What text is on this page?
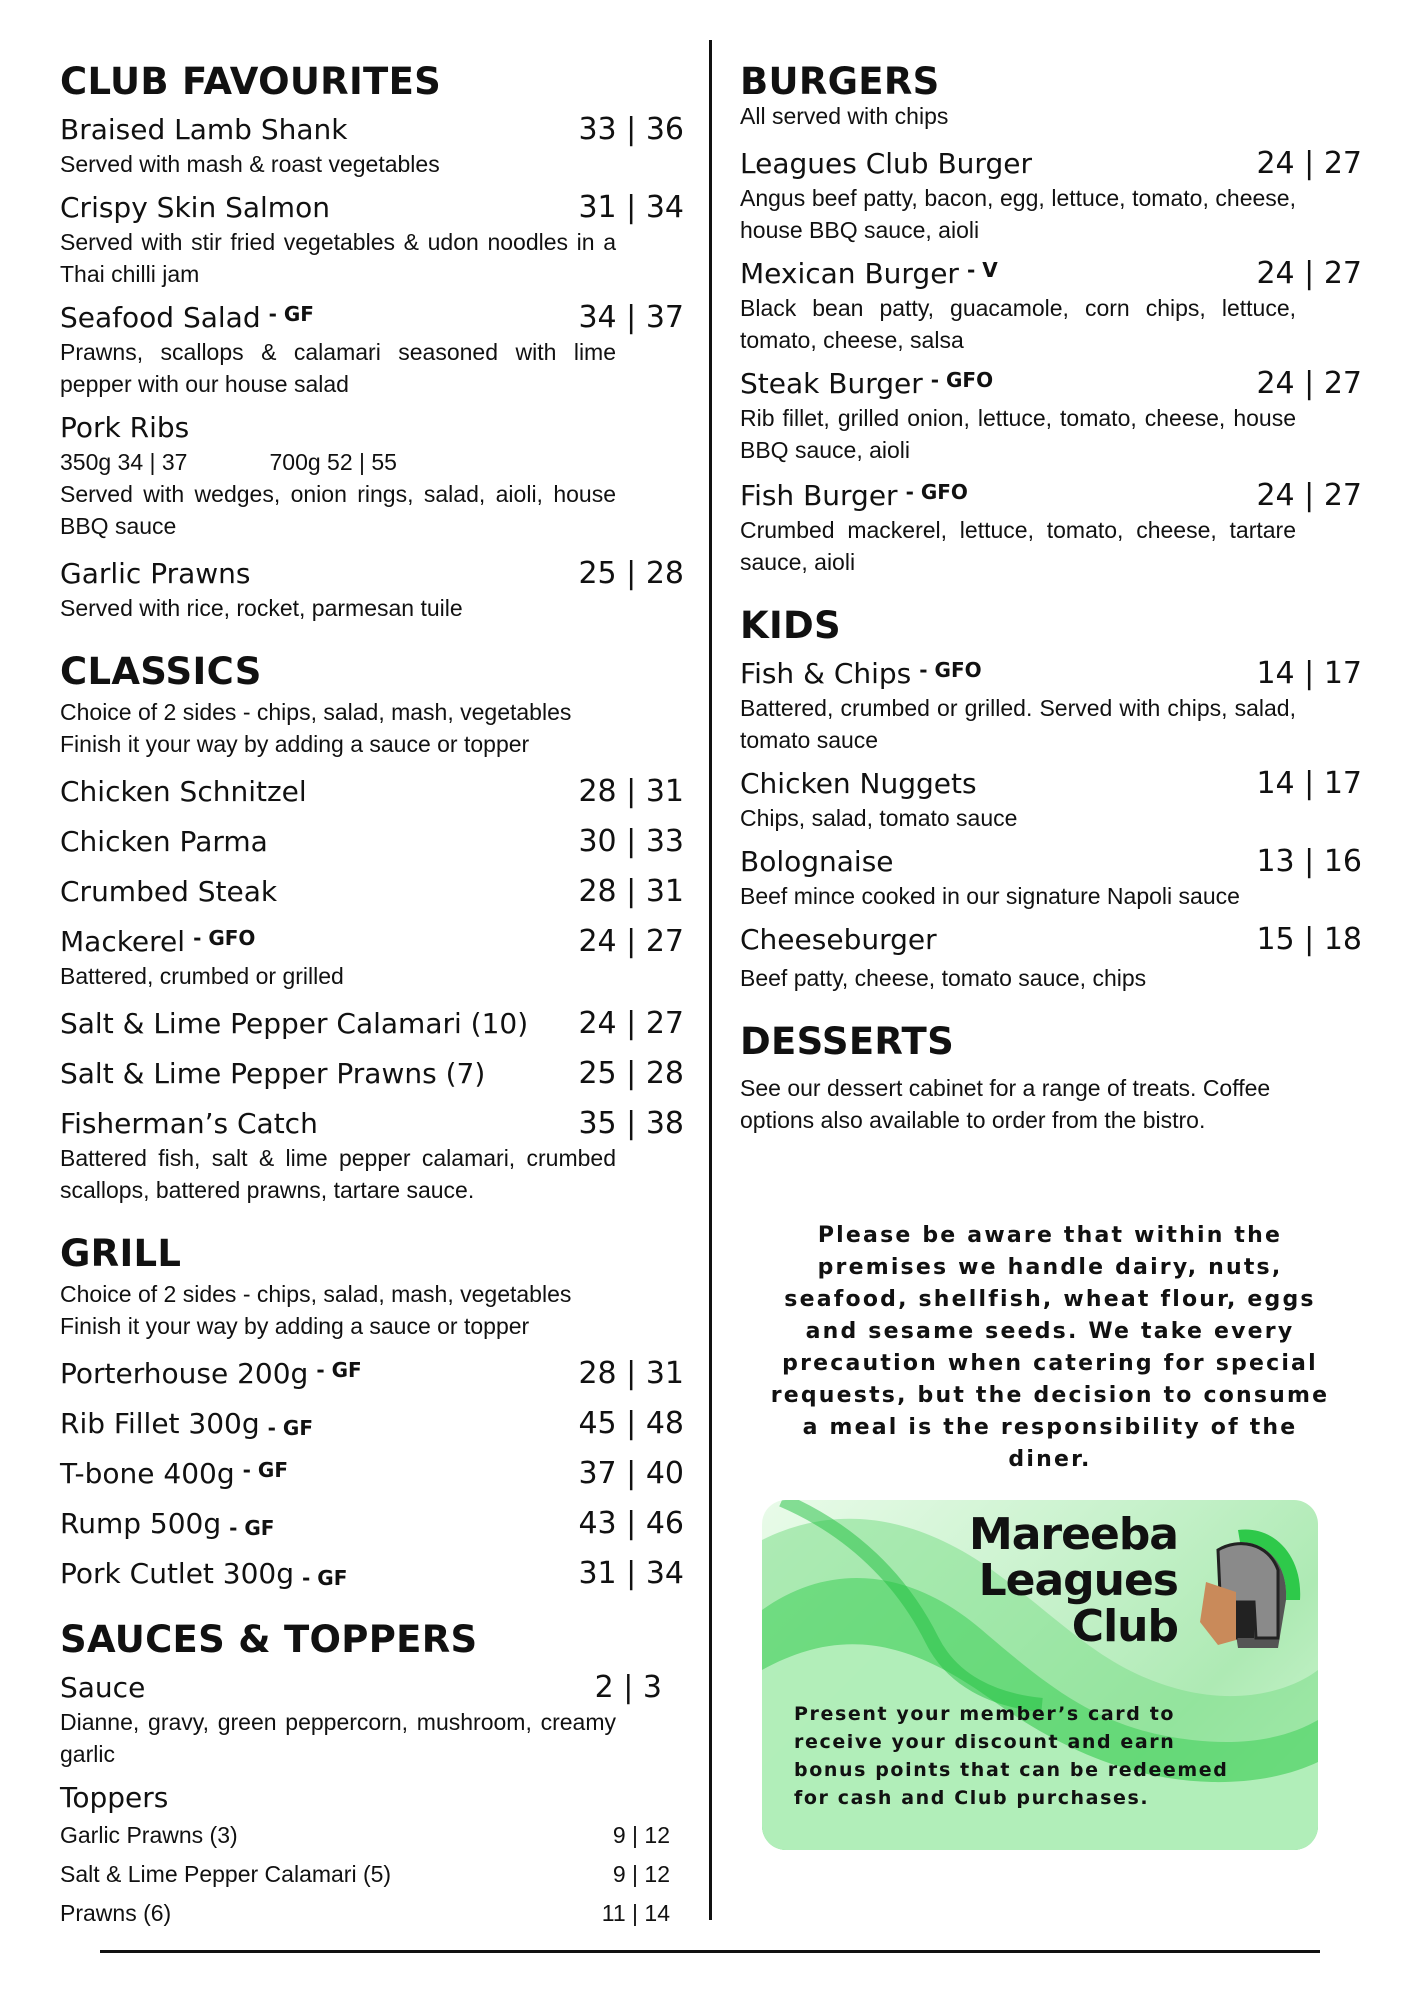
CLUB FAVOURITES
Braised Lamb Shank	33 | 36
Served with mash & roast vegetables
Crispy Skin Salmon	31 | 34
Served with stir fried vegetables & udon noodles in a Thai chilli jam
Seafood Salad - GF	34 | 37
Prawns, scallops & calamari seasoned with lime pepper with our house salad
Pork Ribs
350g 34 | 37	700g 52 | 55
Served with wedges, onion rings, salad, aioli, house BBQ sauce
Garlic Prawns	25 | 28
Served with rice, rocket, parmesan tuile
CLASSICS
Choice of 2 sides - chips, salad, mash, vegetables
Finish it your way by adding a sauce or topper
Chicken Schnitzel	28 | 31
Chicken Parma	30 | 33
Crumbed Steak	28 | 31
Mackerel - GFO	24 | 27
Battered, crumbed or grilled
Salt & Lime Pepper Calamari (10) 24 | 27
Salt & Lime Pepper Prawns (7)	25 | 28
Fisherman’s Catch	35 | 38
Battered fish, salt & lime pepper calamari, crumbed scallops, battered prawns, tartare sauce.
GRILL
Choice of 2 sides - chips, salad, mash, vegetables
Finish it your way by adding a sauce or topper
Porterhouse 200g - GF	28 | 31
Rib Fillet 300g - GF	45 | 48
T-bone 400g - GF	37 | 40
Rump 500g - GF	43 | 46
Pork Cutlet 300g - GF	31 | 34
SAUCES & TOPPERS
Sauce	2 | 3
Dianne, gravy, green peppercorn, mushroom, creamy garlic
Toppers
Garlic Prawns (3)	9 | 12
Salt & Lime Pepper Calamari (5)	9 | 12
Prawns (6)	11 | 14
BURGERS
All served with chips
Leagues Club Burger	24 | 27
Angus beef patty, bacon, egg, lettuce, tomato, cheese, house BBQ sauce, aioli
Mexican Burger - V	24 | 27
Black bean patty, guacamole, corn chips, lettuce, tomato, cheese, salsa
Steak Burger - GFO	24 | 27
Rib fillet, grilled onion, lettuce, tomato, cheese, house BBQ sauce, aioli
Fish Burger - GFO	24 | 27
Crumbed mackerel, lettuce, tomato, cheese, tartare sauce, aioli
KIDS
Fish & Chips - GFO	14 | 17
Battered, crumbed or grilled. Served with chips, salad, tomato sauce
Chicken Nuggets	14 | 17
Chips, salad, tomato sauce
Bolognaise	13 | 16
Beef mince cooked in our signature Napoli sauce
Cheeseburger	15 | 18
Beef patty, cheese, tomato sauce, chips
DESSERTS
See our dessert cabinet for a range of treats. Coffee options also available to order from the bistro.
Please be aware that within the premises we handle dairy, nuts, seafood, shellfish, wheat flour, eggs and sesame seeds. We take every precaution when catering for special requests, but the decision to consume a meal is the responsibility of the diner.
Mareeba
Leagues
Club
Present your member’s card to receive your discount and earn bonus points that can be redeemed for cash and Club purchases.
